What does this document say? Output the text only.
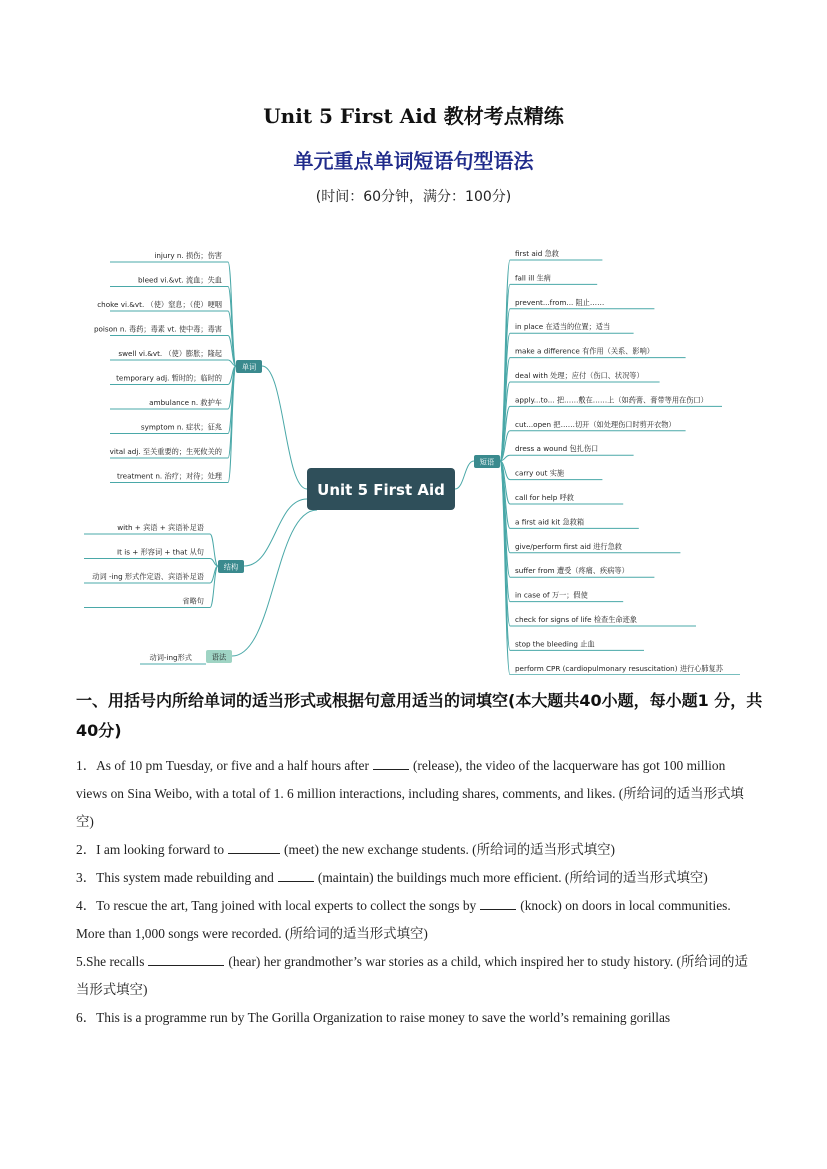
Unit 5 First Aid 教材考点精练
单元重点单词短语句型语法
(时间：60分钟，满分：100分)
injury n. 损伤；伤害
bleed vi.&vt. 流血；失血
choke vi.&vt. （使）窒息；（使）哽咽
poison n. 毒药；毒素 vt. 使中毒；毒害
swell vi.&vt. （使）膨胀；隆起
temporary adj. 暂时的；临时的
ambulance n. 救护车
symptom n. 症状；征兆
vital adj. 至关重要的；生死攸关的
treatment n. 治疗；对待；处理
with + 宾语 + 宾语补足语
It is + 形容词 + that 从句
动词 -ing 形式作定语、宾语补足语
省略句
动词-ing形式
first aid 急救
fall ill 生病
prevent...from... 阻止……
in place 在适当的位置；适当
make a difference 有作用（关系、影响）
deal with 处理；应付（伤口、状况等）
apply...to... 把……敷在……上（如药膏、膏带等用在伤口）
cut...open 把……切开（如处理伤口时剪开衣物）
dress a wound 包扎伤口
carry out 实施
call for help 呼救
a first aid kit 急救箱
give/perform first aid 进行急救
suffer from 遭受（疼痛、疾病等）
in case of 万一；假使
check for signs of life 检查生命迹象
stop the bleeding 止血
perform CPR (cardiopulmonary resuscitation) 进行心肺复苏
Unit 5 First Aid
单词
短语
结构
语法
一、用括号内所给单词的适当形式或根据句意用适当的词填空(本大题共40小题，每小题1 分，共40分)

1．As of 10 pm Tuesday, or five and a half hours after	(release), the video of the lacquerware has got 100 million views on Sina Weibo, with a total of 1. 6 million interactions, including shares, comments, and likes. (所给词的适当形式填空)

2．I am looking forward to	(meet) the new exchange students. (所给词的适当形式填空)

3．This system made rebuilding and	(maintain) the buildings much more efficient. (所给词的适当形式填空)

4．To rescue the art, Tang joined with local experts to collect the songs by	(knock) on doors in local communities. More than 1,000 songs were recorded. (所给词的适当形式填空)

5.She recalls	(hear) her grandmother’s war stories as a child, which inspired her to study history. (所给词的适当形式填空)

6．This is a programme run by The Gorilla Organization to raise money to save the world’s remaining gorillas
